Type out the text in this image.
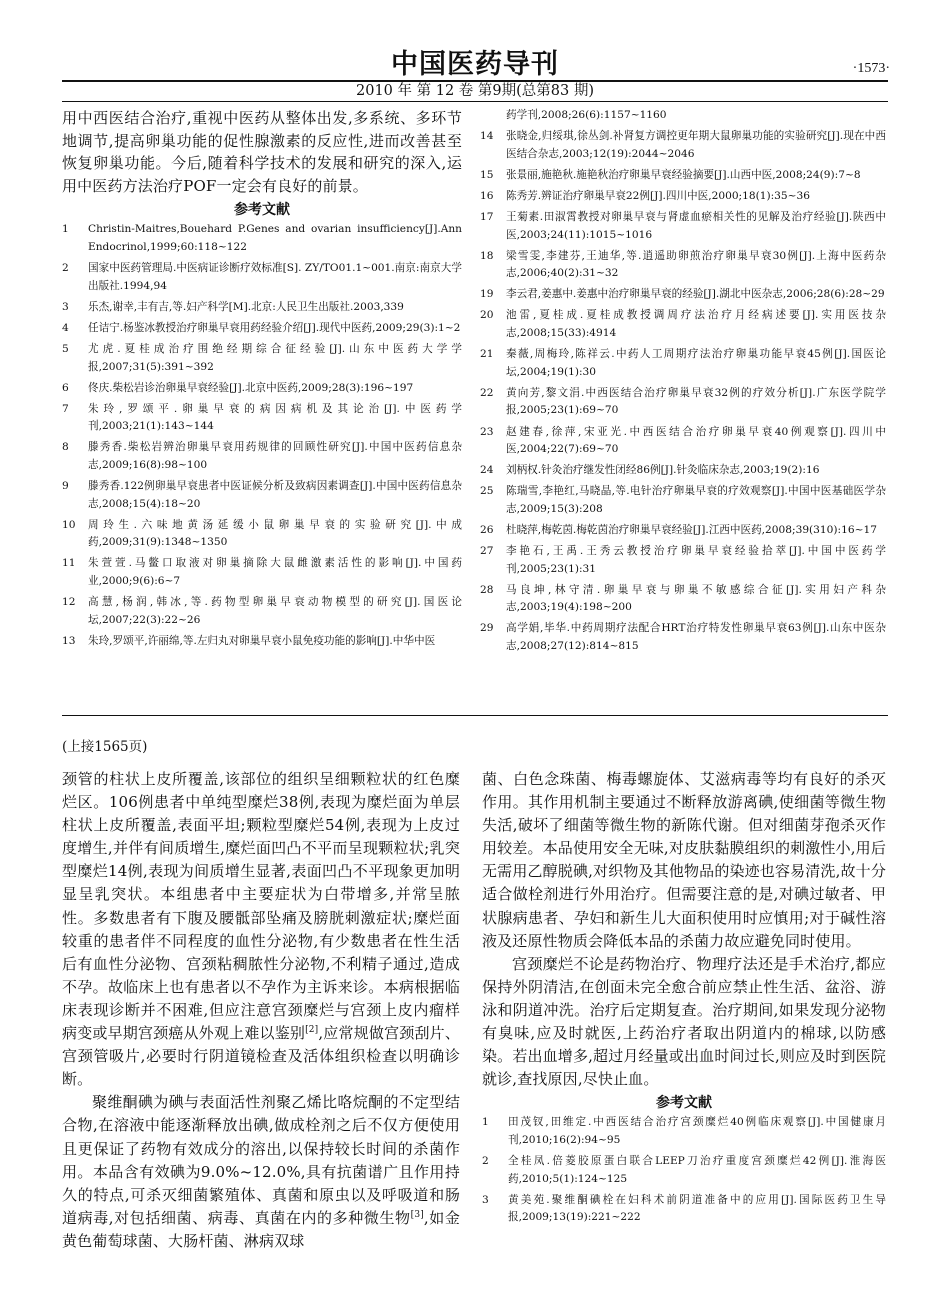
中国医药导刊	·1573·
2010 年 第 12 卷 第9期(总第83 期)

用中西医结合治疗,重视中医药从整体出发,多系统、多环节地调节,提高卵巢功能的促性腺激素的反应性,进而改善甚至恢复卵巢功能。今后,随着科学技术的发展和研究的深入,运用中医药方法治疗POF一定会有良好的前景。

参考文献
1	Christin-Maitres,Bouehard P.Genes and ovarian insufficiency[J].Ann Endocrinol,1999;60:118~122
2	国家中医药管理局.中医病证诊断疗效标准[S]. ZY/TO01.1~001.南京:南京大学出版社.1994,94
3	乐杰,谢幸,丰有吉,等.妇产科学[M].北京:人民卫生出版社.2003,339
4	任诘宁.杨鉴冰教授治疗卵巢早衰用药经验介绍[J].现代中医药,2009;29(3):1~2
5	尤虎.夏桂成治疗围绝经期综合征经验[J].山东中医药大学学报,2007;31(5):391~392
6	佟庆.柴松岩诊治卵巢早衰经验[J].北京中医药,2009;28(3):196~197
7	朱玲,罗颂平.卵巢早衰的病因病机及其论治[J].中医药学刊,2003;21(1):143~144
8	滕秀香.柴松岩辨治卵巢早衰用药规律的回顾性研究[J].中国中医药信息杂志,2009;16(8):98~100
9	滕秀香.122例卵巢早衰患者中医证候分析及致病因素调查[J].中国中医药信息杂志,2008;15(4):18~20
10	周玲生.六味地黄汤延缓小鼠卵巢早衰的实验研究[J].中成药,2009;31(9):1348~1350
11	朱萱萱.马鳖口取液对卵巢摘除大鼠雌激素活性的影响[J].中国药业,2000;9(6):6~7
12	高慧,杨润,韩冰,等.药物型卵巢早衰动物模型的研究[J].国医论坛,2007;22(3):22~26
13	朱玲,罗颂平,许丽绵,等.左归丸对卵巢早衰小鼠免疫功能的影响[J].中华中医
药学刊,2008;26(6):1157~1160
14	张晓金,归绥琪,徐丛剑.补肾复方调控更年期大鼠卵巢功能的实验研究[J].现在中西医结合杂志,2003;12(19):2044~2046
15	张景丽,施艳秋.施艳秋治疗卵巢早衰经验摘要[J].山西中医,2008;24(9):7~8
16	陈秀芳.辨证治疗卵巢早衰22例[J].四川中医,2000;18(1):35~36
17	王菊素.田淑霄教授对卵巢早衰与肾虚血瘀相关性的见解及治疗经验[J].陕西中医,2003;24(11):1015~1016
18	梁雪雯,李建芬,王迪华,等.逍遥助卵煎治疗卵巢早衰30例[J].上海中医药杂志,2006;40(2):31~32
19	李云君,姜惠中.姜惠中治疗卵巢早衰的经验[J].湖北中医杂志,2006;28(6):28~29
20	池雷,夏桂成.夏桂成教授调周疗法治疗月经病述要[J].实用医技杂志,2008;15(33):4914
21	秦薇,周梅玲,陈祥云.中药人工周期疗法治疗卵巢功能早衰45例[J].国医论坛,2004;19(1):30
22	黄向芳,黎文涓.中西医结合治疗卵巢早衰32例的疗效分析[J].广东医学院学报,2005;23(1):69~70
23	赵建春,徐萍,宋亚光.中西医结合治疗卵巢早衰40例观察[J].四川中医,2004;22(7):69~70
24	刘柄权.针灸治疗继发性闭经86例[J].针灸临床杂志,2003;19(2):16
25	陈瑞雪,李艳红,马晓晶,等.电针治疗卵巢早衰的疗效观察[J].中国中医基础医学杂志,2009;15(3):208
26	杜晓萍,梅乾茵.梅乾茵治疗卵巢早衰经验[J].江西中医药,2008;39(310):16~17
27	李艳石,王禹.王秀云教授治疗卵巢早衰经验拾萃[J].中国中医药学刊,2005;23(1):31
28	马良坤,林守清.卵巢早衰与卵巢不敏感综合征[J].实用妇产科杂志,2003;19(4):198~200
29	高学娟,毕华.中药周期疗法配合HRT治疗特发性卵巢早衰63例[J].山东中医杂志,2008;27(12):814~815
(上接1565页)

颈管的柱状上皮所覆盖,该部位的组织呈细颗粒状的红色糜烂区。106例患者中单纯型糜烂38例,表现为糜烂面为单层柱状上皮所覆盖,表面平坦;颗粒型糜烂54例,表现为上皮过度增生,并伴有间质增生,糜烂面凹凸不平而呈现颗粒状;乳突型糜烂14例,表现为间质增生显著,表面凹凸不平现象更加明显呈乳突状。本组患者中主要症状为白带增多,并常呈脓性。多数患者有下腹及腰骶部坠痛及膀胱刺激症状;糜烂面较重的患者伴不同程度的血性分泌物,有少数患者在性生活后有血性分泌物、宫颈粘稠脓性分泌物,不利精子通过,造成不孕。故临床上也有患者以不孕作为主诉来诊。本病根据临床表现诊断并不困难,但应注意宫颈糜烂与宫颈上皮内瘤样病变或早期宫颈癌从外观上难以鉴别[2],应常规做宫颈刮片、宫颈管吸片,必要时行阴道镜检查及活体组织检查以明确诊断。

聚维酮碘为碘与表面活性剂聚乙烯比咯烷酮的不定型结合物,在溶液中能逐渐释放出碘,做成栓剂之后不仅方便使用且更保证了药物有效成分的溶出,以保持较长时间的杀菌作用。本品含有效碘为9.0%~12.0%,具有抗菌谱广且作用持久的特点,可杀灭细菌繁殖体、真菌和原虫以及呼吸道和肠道病毒,对包括细菌、病毒、真菌在内的多种微生物[3],如金黄色葡萄球菌、大肠杆菌、淋病双球

菌、白色念珠菌、梅毒螺旋体、艾滋病毒等均有良好的杀灭作用。其作用机制主要通过不断释放游离碘,使细菌等微生物失活,破坏了细菌等微生物的新陈代谢。但对细菌芽孢杀灭作用较差。本品使用安全无味,对皮肤黏膜组织的刺激性小,用后无需用乙醇脱碘,对织物及其他物品的染迹也容易清洗,故十分适合做栓剂进行外用治疗。但需要注意的是,对碘过敏者、甲状腺病患者、孕妇和新生儿大面积使用时应慎用;对于碱性溶液及还原性物质会降低本品的杀菌力故应避免同时使用。

宫颈糜烂不论是药物治疗、物理疗法还是手术治疗,都应保持外阴清洁,在创面未完全愈合前应禁止性生活、盆浴、游泳和阴道冲洗。治疗后定期复查。治疗期间,如果发现分泌物有臭味,应及时就医,上药治疗者取出阴道内的棉球,以防感染。若出血增多,超过月经量或出血时间过长,则应及时到医院就诊,查找原因,尽快止血。

参考文献
1	田茂钗,田维定.中西医结合治疗宫颈糜烂40例临床观察[J].中国健康月刊,2010;16(2):94~95
2	全桂凤.倍菱胶原蛋白联合LEEP刀治疗重度宫颈糜烂42例[J].淮海医药,2010;5(1):124~125
3	黄美苑.聚维酮碘栓在妇科术前阴道准备中的应用[J].国际医药卫生导报,2009;13(19):221~222
